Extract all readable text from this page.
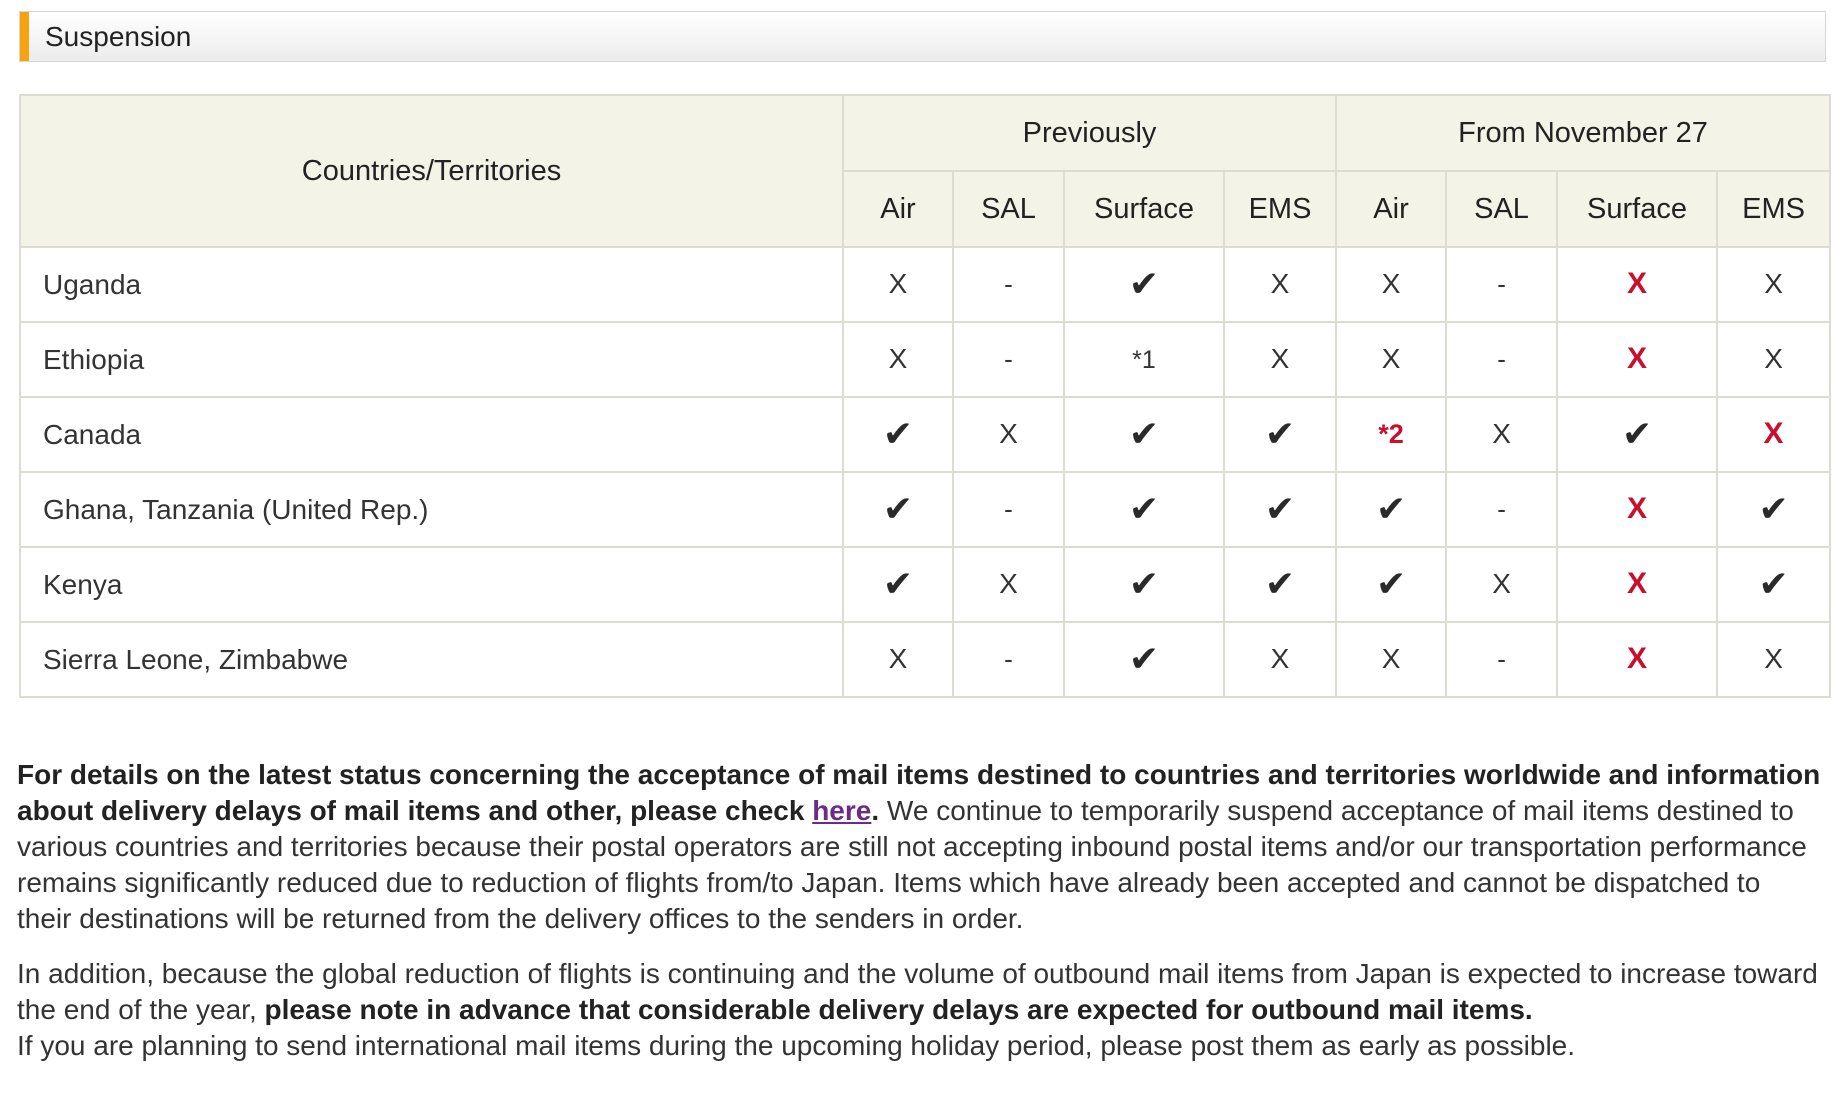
Suspension
Countries/Territories	Previously				From November 27			
	Air	SAL	Surface	EMS	Air	SAL	Surface	EMS
Uganda	X	-	✔	X	X	-	X	X
Ethiopia	X	-	*1	X	X	-	X	X
Canada	✔	X	✔	✔	*2	X	✔	X
Ghana, Tanzania (United Rep.)	✔	-	✔	✔	✔	-	X	✔
Kenya	✔	X	✔	✔	✔	X	X	✔
Sierra Leone, Zimbabwe	X	-	✔	X	X	-	X	X

For details on the latest status concerning the acceptance of mail items destined to countries and territories worldwide and information about delivery delays of mail items and other, please check here. We continue to temporarily suspend acceptance of mail items destined to various countries and territories because their postal operators are still not accepting inbound postal items and/or our transportation performance remains significantly reduced due to reduction of flights from/to Japan. Items which have already been accepted and cannot be dispatched to their destinations will be returned from the delivery offices to the senders in order.

In addition, because the global reduction of flights is continuing and the volume of outbound mail items from Japan is expected to increase toward the end of the year, please note in advance that considerable delivery delays are expected for outbound mail items.
If you are planning to send international mail items during the upcoming holiday period, please post them as early as possible.
